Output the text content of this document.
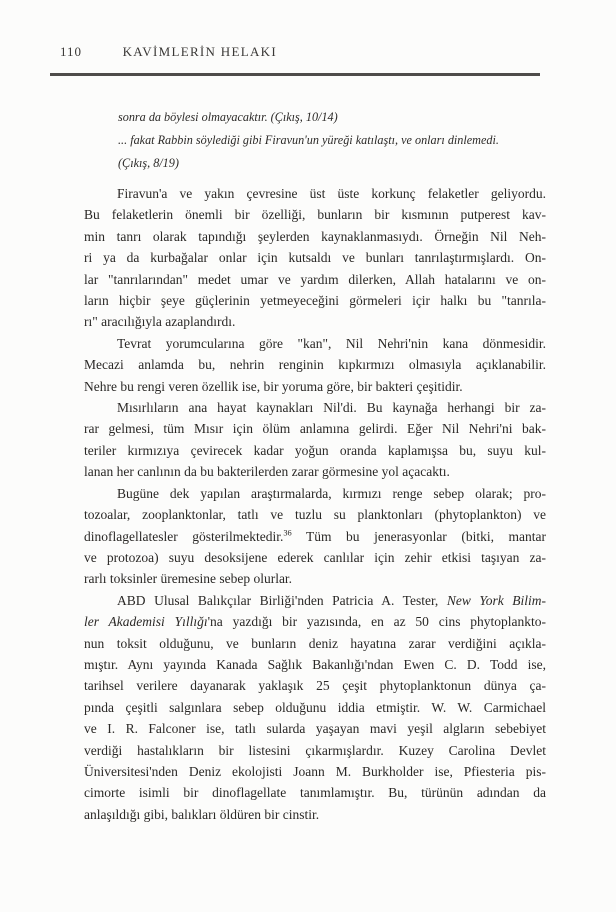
110	KAVİMLERİN HELAKI
sonra da böylesi olmayacaktır. (Çıkış, 10/14)
... fakat Rabbin söylediği gibi Firavun'un yüreği katılaştı, ve onları dinlemedi.
(Çıkış, 8/19)
Firavun'a ve yakın çevresine üst üste korkunç felaketler geliyordu.
Bu felaketlerin önemli bir özelliği, bunların bir kısmının putperest kav-
min tanrı olarak tapındığı şeylerden kaynaklanmasıydı. Örneğin Nil Neh-
ri ya da kurbağalar onlar için kutsaldı ve bunları tanrılaştırmışlardı. On-
lar "tanrılarından" medet umar ve yardım dilerken, Allah hatalarını ve on-
ların hiçbir şeye güçlerinin yetmeyeceğini görmeleri içir halkı bu "tanrıla-
rı" aracılığıyla azaplandırdı.
Tevrat yorumcularına göre "kan", Nil Nehri'nin kana dönmesidir.
Mecazi anlamda bu, nehrin renginin kıpkırmızı olmasıyla açıklanabilir.
Nehre bu rengi veren özellik ise, bir yoruma göre, bir bakteri çeşitidir.
Mısırlıların ana hayat kaynakları Nil'di. Bu kaynağa herhangi bir za-
rar gelmesi, tüm Mısır için ölüm anlamına gelirdi. Eğer Nil Nehri'ni bak-
teriler kırmızıya çevirecek kadar yoğun oranda kaplamışsa bu, suyu kul-
lanan her canlının da bu bakterilerden zarar görmesine yol açacaktı.
Bugüne dek yapılan araştırmalarda, kırmızı renge sebep olarak; pro-
tozoalar, zooplanktonlar, tatlı ve tuzlu su planktonları (phytoplankton) ve
dinoflagellatesler gösterilmektedir.$^{36}$ Tüm bu jenerasyonlar (bitki, mantar
ve protozoa) suyu desoksijene ederek canlılar için zehir etkisi taşıyan za-
rarlı toksinler üremesine sebep olurlar.
ABD Ulusal Balıkçılar Birliği'nden Patricia A. Tester, New York Bilim-
ler Akademisi Yıllığı'na yazdığı bir yazısında, en az 50 cins phytoplankto-
nun toksit olduğunu, ve bunların deniz hayatına zarar verdiğini açıkla-
mıştır. Aynı yayında Kanada Sağlık Bakanlığı'ndan Ewen C. D. Todd ise,
tarihsel verilere dayanarak yaklaşık 25 çeşit phytoplanktonun dünya ça-
pında çeşitli salgınlara sebep olduğunu iddia etmiştir. W. W. Carmichael
ve I. R. Falconer ise, tatlı sularda yaşayan mavi yeşil algların sebebiyet
verdiği hastalıkların bir listesini çıkarmışlardır. Kuzey Carolina Devlet
Üniversitesi'nden Deniz ekolojisti Joann M. Burkholder ise, Pfiesteria pis-
cimorte isimli bir dinoflagellate tanımlamıştır. Bu, türünün adından da
anlaşıldığı gibi, balıkları öldüren bir cinstir.
